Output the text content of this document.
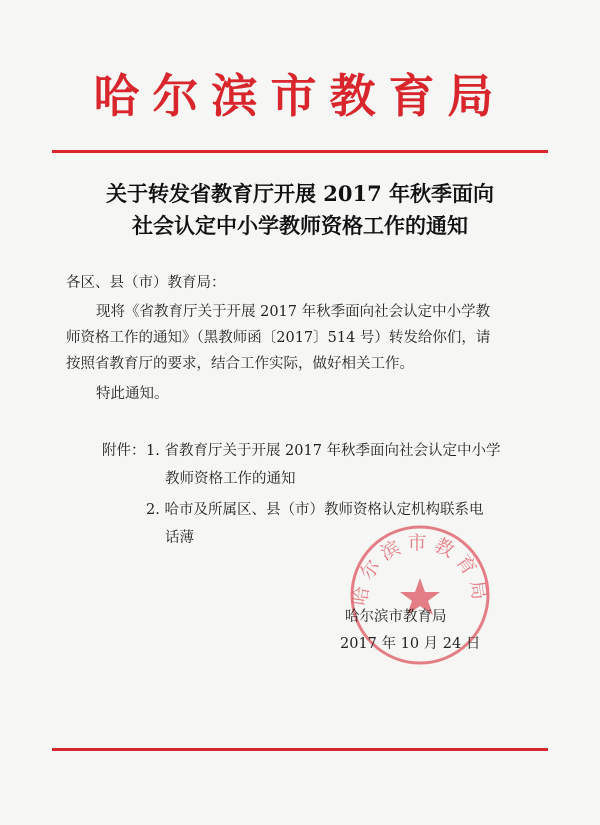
哈尔滨市教育局
关于转发省教育厅开展 2017 年秋季面向
社会认定中小学教师资格工作的通知
各区、县（市）教育局：
现将《省教育厅关于开展 2017 年秋季面向社会认定中小学教
师资格工作的通知》（黑教师函〔2017〕514 号）转发给你们，请
按照省教育厅的要求，结合工作实际，做好相关工作。
特此通知。
附件： 1. 省教育厅关于开展 2017 年秋季面向社会认定中小学
教师资格工作的通知
2. 哈市及所属区、县（市）教师资格认定机构联系电
话薄
哈尔滨市教育局
哈尔滨市教育局
2017 年 10 月 24 日
